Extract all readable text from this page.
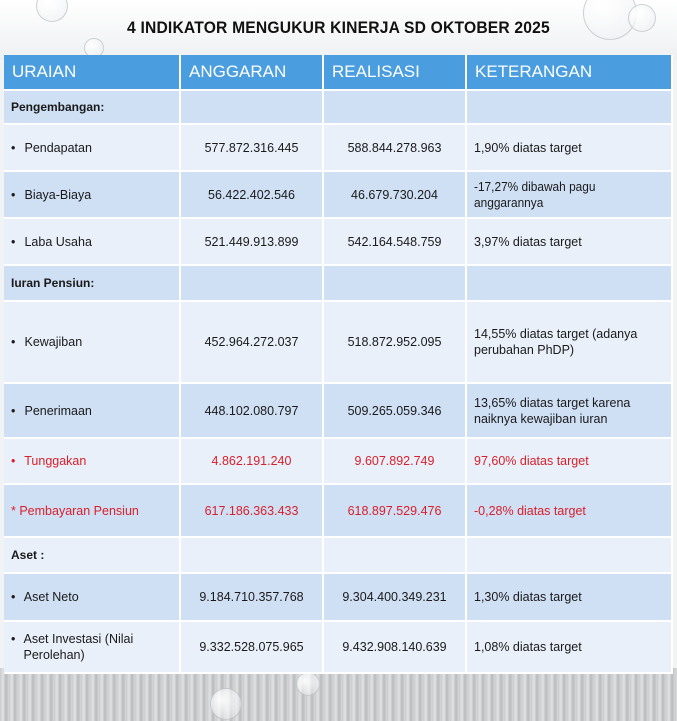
4 INDIKATOR MENGUKUR KINERJA SD OKTOBER 2025
URAIAN	ANGGARAN	REALISASI	KETERANGAN
Pengembangan:			
• Pendapatan	577.872.316.445	588.844.278.963	1,90% diatas target
• Biaya-Biaya	56.422.402.546	46.679.730.204	-17,27% dibawah pagu anggarannya
• Laba Usaha	521.449.913.899	542.164.548.759	3,97% diatas target
Iuran Pensiun:			
• Kewajiban	452.964.272.037	518.872.952.095	14,55% diatas target (adanya perubahan PhDP)
• Penerimaan	448.102.080.797	509.265.059.346	13,65% diatas target karena naiknya kewajiban iuran
• Tunggakan	4.862.191.240	9.607.892.749	97,60% diatas target
* Pembayaran Pensiun	617.186.363.433	618.897.529.476	-0,28% diatas target
Aset :			
• Aset Neto	9.184.710.357.768	9.304.400.349.231	1,30% diatas target

• Aset Investasi (Nilai Perolehan)	9.332.528.075.965	9.432.908.140.639	1,08% diatas target
